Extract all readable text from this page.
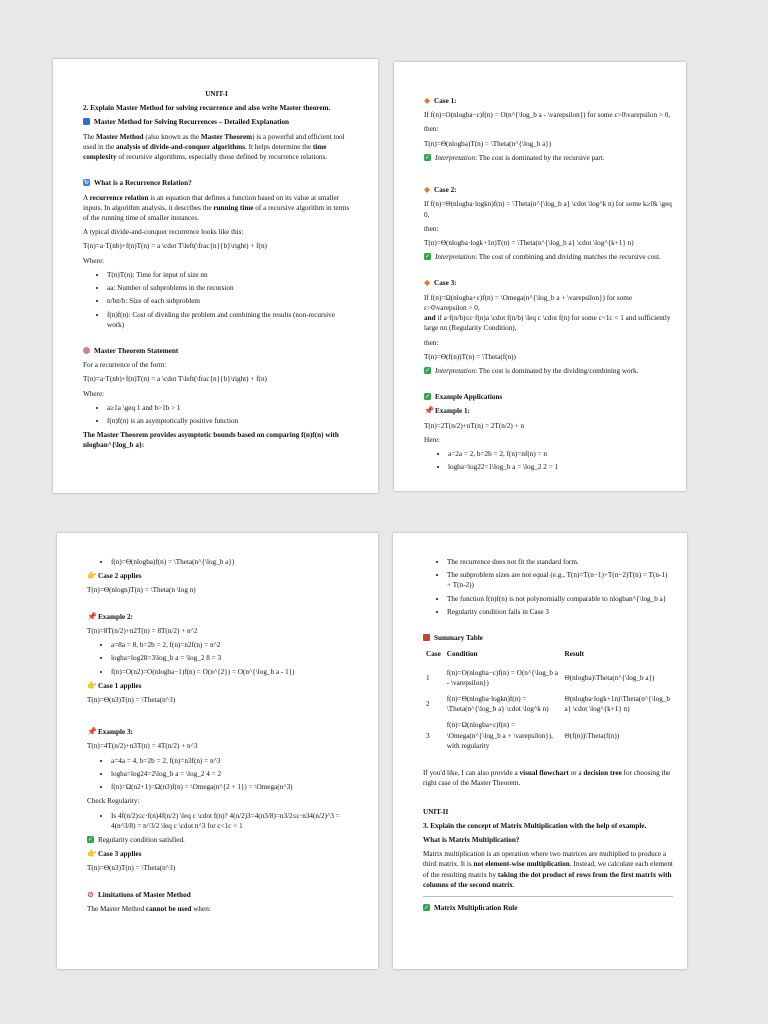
UNIT-I

2. Explain Master Method for solving recurrence and also write Master theorem.

Master Method for Solving Recurrences – Detailed Explanation

The Master Method (also known as the Master Theorem) is a powerful and efficient tool used in the analysis of divide-and-conquer algorithms. It helps determine the time complexity of recursive algorithms, especially those defined by recurrence relations.

↻ What is a Recurrence Relation?

A recurrence relation is an equation that defines a function based on its value at smaller inputs. In algorithm analysis, it describes the running time of a recursive algorithm in terms of the running time of smaller instances.

A typical divide-and-conquer recurrence looks like this:

T(n)=a·T(nb)+f(n)T(n) = a \cdot T\left(\frac{n}{b}\right) + f(n)

Where:

• T(n)T(n): Time for input of size nn
• aa: Number of subproblems in the recursion
• n/bn/b: Size of each subproblem
• f(n)f(n): Cost of dividing the problem and combining the results (non-recursive work)
Master Theorem Statement

For a recurrence of the form:

T(n)=a·T(nb)+f(n)T(n) = a \cdot T\left(\frac{n}{b}\right) + f(n)

Where:

• a≥1a \geq 1 and b>1b > 1
• f(n)f(n) is an asymptotically positive function

The Master Theorem provides asymptotic bounds based on comparing f(n)f(n) with nlog⁡ban^{\log_b a}:

◆ Case 1:

If f(n)=O(nlog⁡ba−ε)f(n) = O(n^{\log_b a - \varepsilon}) for some ε>0\varepsilon > 0,

then:

T(n)=Θ(nlog⁡ba)T(n) = \Theta(n^{\log_b a})

✓ Interpretation: The cost is dominated by the recursive part.
◆ Case 2:

If f(n)=Θ(nlog⁡ba·log⁡kn)f(n) = \Theta(n^{\log_b a} \cdot \log^k n) for some k≥0k \geq 0,

then:

T(n)=Θ(nlog⁡ba·log⁡k+1n)T(n) = \Theta(n^{\log_b a} \cdot \log^{k+1} n)

✓ Interpretation: The cost of combining and dividing matches the recursive cost.
◆ Case 3:

If f(n)=Ω(nlog⁡ba+ε)f(n) = \Omega(n^{\log_b a + \varepsilon}) for some ε>0\varepsilon > 0,
and if a·f(n/b)≤c·f(n)a \cdot f(n/b) \leq c \cdot f(n) for some c<1c < 1 and sufficiently large nn (Regularity Condition),

then:

T(n)=Θ(f(n))T(n) = \Theta(f(n))

✓ Interpretation: The cost is dominated by the dividing/combining work.
✓ Example Applications
📌 Example 1:

T(n)=2T(n/2)+nT(n) = 2T(n/2) + n

Here:

• a=2a = 2, b=2b = 2, f(n)=nf(n) = n
• log⁡ba=log⁡22=1\log_b a = \log_2 2 = 1
• f(n)=Θ(nlog⁡ba)f(n) = \Theta(n^{\log_b a})
👉 Case 2 applies

T(n)=Θ(nlog⁡n)T(n) = \Theta(n \log n)

📌 Example 2:

T(n)=8T(n/2)+n2T(n) = 8T(n/2) + n^2

• a=8a = 8, b=2b = 2, f(n)=n2f(n) = n^2
• log⁡ba=log⁡28=3\log_b a = \log_2 8 = 3
• f(n)=O(n2)=O(nlog⁡ba−1)f(n) = O(n^{2}) = O(n^{\log_b a - 1})
👉 Case 1 applies

T(n)=Θ(n3)T(n) = \Theta(n^3)

📌 Example 3:

T(n)=4T(n/2)+n3T(n) = 4T(n/2) + n^3

• a=4a = 4, b=2b = 2, f(n)=n3f(n) = n^3
• log⁡ba=log⁡24=2\log_b a = \log_2 4 = 2
• f(n)=Ω(n2+1)=Ω(n3)f(n) = \Omega(n^{2 + 1}) = \Omega(n^3)

Check Regularity:

• Is 4f(n/2)≤c·f(n)4f(n/2) \leq c \cdot f(n)? 4(n/2)3=4(n3/8)=n3/2≤c·n34(n/2)^3 = 4(n^3/8) = n^3/2 \leq c \cdot n^3 for c<1c < 1
✓ Regularity condition satisfied.
👉 Case 3 applies

T(n)=Θ(n3)T(n) = \Theta(n^3)

⊘ Limitations of Master Method

The Master Method cannot be used when:

• The recurrence does not fit the standard form.
• The subproblem sizes are not equal (e.g., T(n)=T(n−1)+T(n−2)T(n) = T(n-1) + T(n-2))
• The function f(n)f(n) is not polynomially comparable to nlog⁡ban^{\log_b a}
• Regularity condition fails in Case 3
Summary Table
Case	Condition	Result
1	f(n)=O(nlog⁡ba−ε)f(n) = O(n^{\log_b a - \varepsilon})	Θ(nlog⁡ba)\Theta(n^{\log_b a})
2	f(n)=Θ(nlog⁡ba·log⁡kn)f(n) = \Theta(n^{\log_b a} \cdot \log^k n)	Θ(nlog⁡ba·log⁡k+1n)\Theta(n^{\log_b a} \cdot \log^{k+1} n)
3	f(n)=Ω(nlog⁡ba+ε)f(n) = \Omega(n^{\log_b a + \varepsilon}), with regularity	Θ(f(n))\Theta(f(n))

If you'd like, I can also provide a visual flowchart or a decision tree for choosing the right case of the Master Theorem.

UNIT-II

3. Explain the concept of Matrix Multiplication with the help of example.

What is Matrix Multiplication?

Matrix multiplication is an operation where two matrices are multiplied to produce a third matrix. It is not element-wise multiplication. Instead, we calculate each element of the resulting matrix by taking the dot product of rows from the first matrix with columns of the second matrix.

✓ Matrix Multiplication Rule
